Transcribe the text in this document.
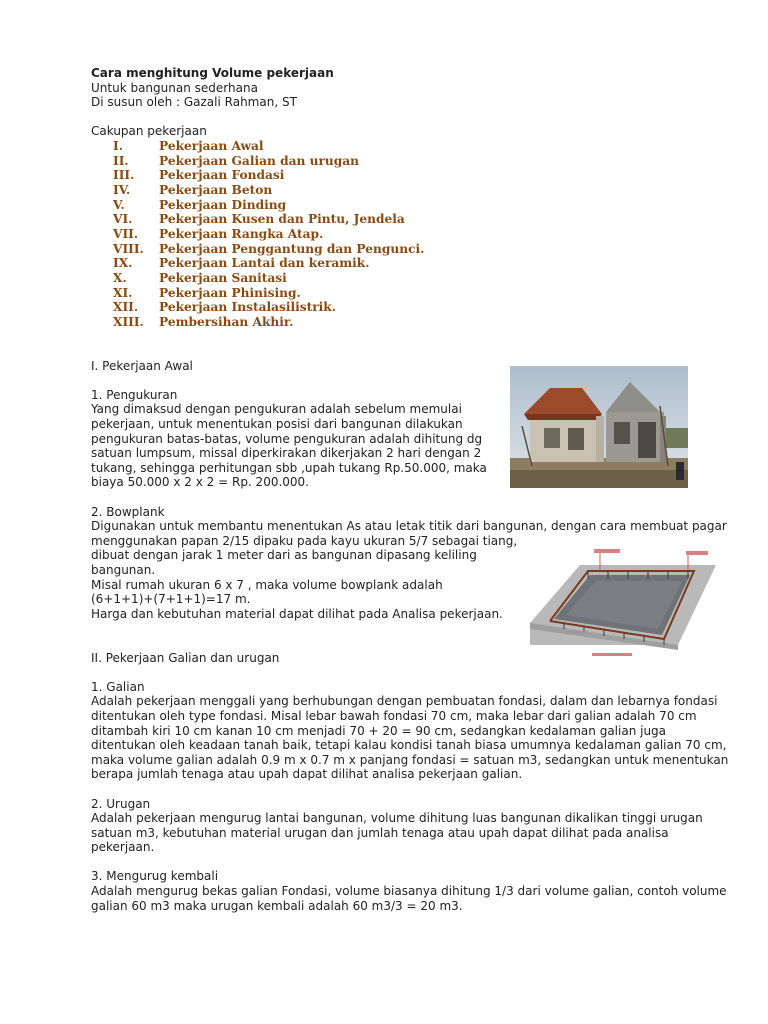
Cara menghitung Volume pekerjaan
Untuk bangunan sederhana
Di susun oleh : Gazali Rahman, ST
Cakupan pekerjaan
I.	Pekerjaan Awal
II. Pekerjaan Galian dan urugan
III. Pekerjaan Fondasi
IV. Pekerjaan Beton
V.	Pekerjaan Dinding
VI. Pekerjaan Kusen dan Pintu, Jendela
VII. Pekerjaan Rangka Atap.
VIII. Pekerjaan Penggantung dan Pengunci.
IX. Pekerjaan Lantai dan keramik.
X.	Pekerjaan Sanitasi
XI. Pekerjaan Phinising.
XII. Pekerjaan Instalasilistrik.
XIII. Pembersihan Akhir.
I. Pekerjaan Awal
1. Pengukuran
Yang dimaksud dengan pengukuran adalah sebelum memulai
pekerjaan, untuk menentukan posisi dari bangunan dilakukan
pengukuran batas-batas, volume pengukuran adalah dihitung dg
satuan lumpsum, missal diperkirakan dikerjakan 2 hari dengan 2
tukang, sehingga perhitungan sbb ,upah tukang Rp.50.000, maka
biaya 50.000 x 2 x 2 = Rp. 200.000.
2. Bowplank
Digunakan untuk membantu menentukan As atau letak titik dari bangunan, dengan cara membuat pagar
menggunakan papan 2/15 dipaku pada kayu ukuran 5/7 sebagai tiang,
dibuat dengan jarak 1 meter dari as bangunan dipasang keliling
bangunan.
Misal rumah ukuran 6 x 7 , maka volume bowplank adalah
(6+1+1)+(7+1+1)=17 m.
Harga dan kebutuhan material dapat dilihat pada Analisa pekerjaan.
II. Pekerjaan Galian dan urugan
1. Galian
Adalah pekerjaan menggali yang berhubungan dengan pembuatan fondasi, dalam dan lebarnya fondasi
ditentukan oleh type fondasi. Misal lebar bawah fondasi 70 cm, maka lebar dari galian adalah 70 cm
ditambah kiri 10 cm kanan 10 cm menjadi 70 + 20 = 90 cm, sedangkan kedalaman galian juga
ditentukan oleh keadaan tanah baik, tetapi kalau kondisi tanah biasa umumnya kedalaman galian 70 cm,
maka volume galian adalah 0.9 m x 0.7 m x panjang fondasi = satuan m3, sedangkan untuk menentukan
berapa jumlah tenaga atau upah dapat dilihat analisa pekerjaan galian.
2. Urugan
Adalah pekerjaan mengurug lantai bangunan, volume dihitung luas bangunan dikalikan tinggi urugan
satuan m3, kebutuhan material urugan dan jumlah tenaga atau upah dapat dilihat pada analisa
pekerjaan.
3. Mengurug kembali
Adalah mengurug bekas galian Fondasi, volume biasanya dihitung 1/3 dari volume galian, contoh volume
galian 60 m3 maka urugan kembali adalah 60 m3/3 = 20 m3.
